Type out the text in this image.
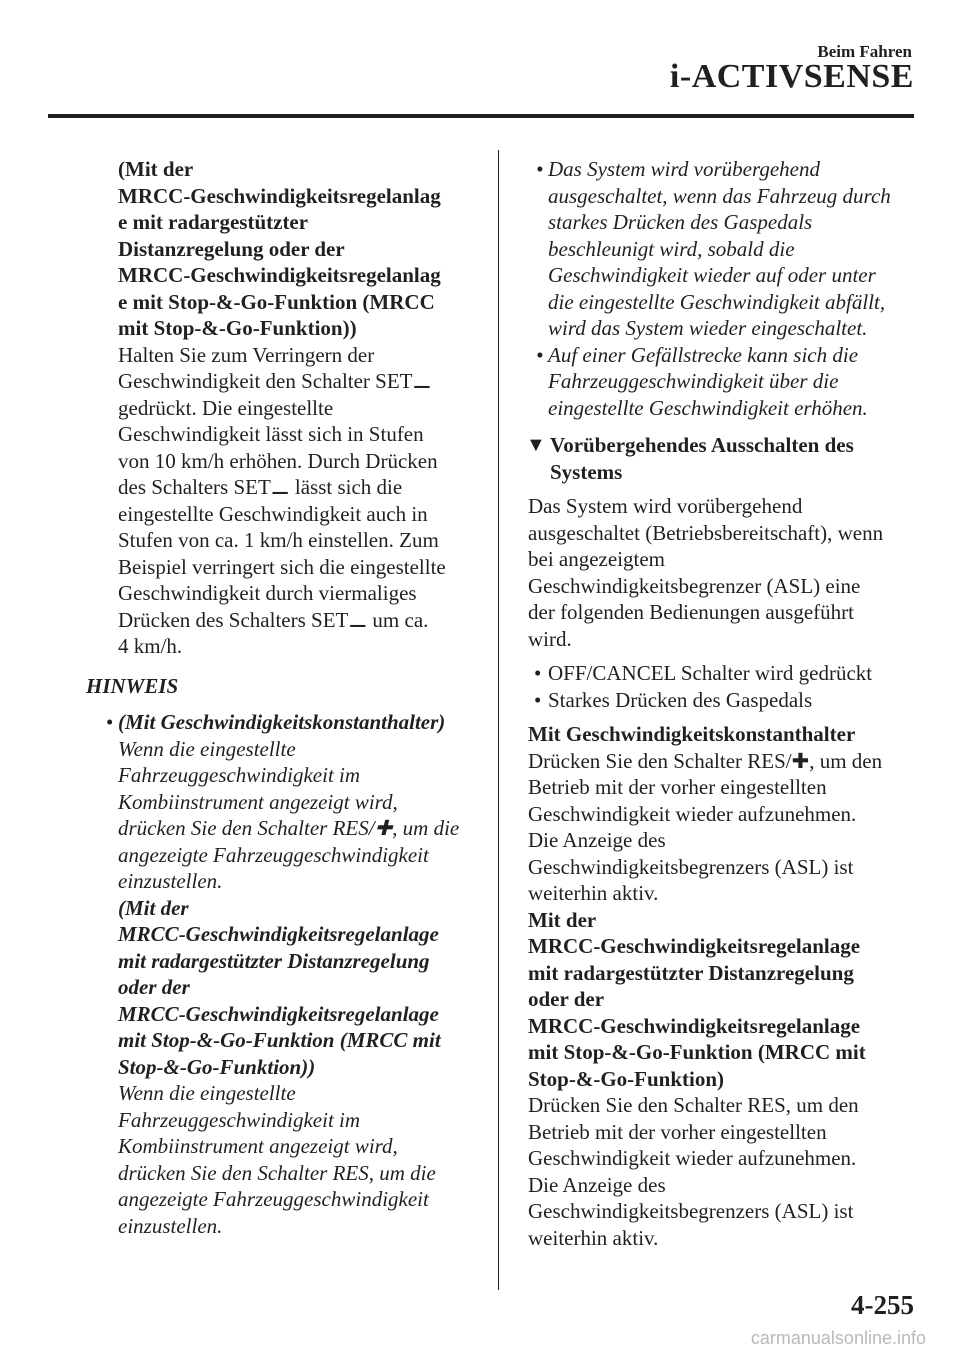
Beim Fahren
i-ACTIVSENSE
(Mit der
MRCC-Geschwindigkeitsregelanlag
e mit radargestützter
Distanzregelung oder der
MRCC-Geschwindigkeitsregelanlag
e mit Stop-&-Go-Funktion (MRCC
mit Stop-&-Go-Funktion))
Halten Sie zum Verringern der
Geschwindigkeit den Schalter SET⚊
gedrückt. Die eingestellte
Geschwindigkeit lässt sich in Stufen
von 10 km/h erhöhen. Durch Drücken
des Schalters SET⚊ lässt sich die
eingestellte Geschwindigkeit auch in
Stufen von ca. 1 km/h einstellen. Zum
Beispiel verringert sich die eingestellte
Geschwindigkeit durch viermaliges
Drücken des Schalters SET⚊ um ca.
4 km/h.
HINWEIS
• (Mit Geschwindigkeitskonstanthalter)
Wenn die eingestellte
Fahrzeuggeschwindigkeit im
Kombiinstrument angezeigt wird,
drücken Sie den Schalter RES/✚, um die
angezeigte Fahrzeuggeschwindigkeit
einzustellen.
(Mit der
MRCC-Geschwindigkeitsregelanlage
mit radargestützter Distanzregelung
oder der
MRCC-Geschwindigkeitsregelanlage
mit Stop-&-Go-Funktion (MRCC mit
Stop-&-Go-Funktion))
Wenn die eingestellte
Fahrzeuggeschwindigkeit im
Kombiinstrument angezeigt wird,
drücken Sie den Schalter RES, um die
angezeigte Fahrzeuggeschwindigkeit
einzustellen.
• Das System wird vorübergehend
ausgeschaltet, wenn das Fahrzeug durch
starkes Drücken des Gaspedals
beschleunigt wird, sobald die
Geschwindigkeit wieder auf oder unter
die eingestellte Geschwindigkeit abfällt,
wird das System wieder eingeschaltet.
• Auf einer Gefällstrecke kann sich die
Fahrzeuggeschwindigkeit über die
eingestellte Geschwindigkeit erhöhen.
▼ Vorübergehendes Ausschalten des
Systems
Das System wird vorübergehend
ausgeschaltet (Betriebsbereitschaft), wenn
bei angezeigtem
Geschwindigkeitsbegrenzer (ASL) eine
der folgenden Bedienungen ausgeführt
wird.
• OFF/CANCEL Schalter wird gedrückt
• Starkes Drücken des Gaspedals
Mit Geschwindigkeitskonstanthalter
Drücken Sie den Schalter RES/✚, um den
Betrieb mit der vorher eingestellten
Geschwindigkeit wieder aufzunehmen.
Die Anzeige des
Geschwindigkeitsbegrenzers (ASL) ist
weiterhin aktiv.
Mit der
MRCC-Geschwindigkeitsregelanlage
mit radargestützter Distanzregelung
oder der
MRCC-Geschwindigkeitsregelanlage
mit Stop-&-Go-Funktion (MRCC mit
Stop-&-Go-Funktion)
Drücken Sie den Schalter RES, um den
Betrieb mit der vorher eingestellten
Geschwindigkeit wieder aufzunehmen.
Die Anzeige des
Geschwindigkeitsbegrenzers (ASL) ist
weiterhin aktiv.
4-255
carmanualsonline.info
